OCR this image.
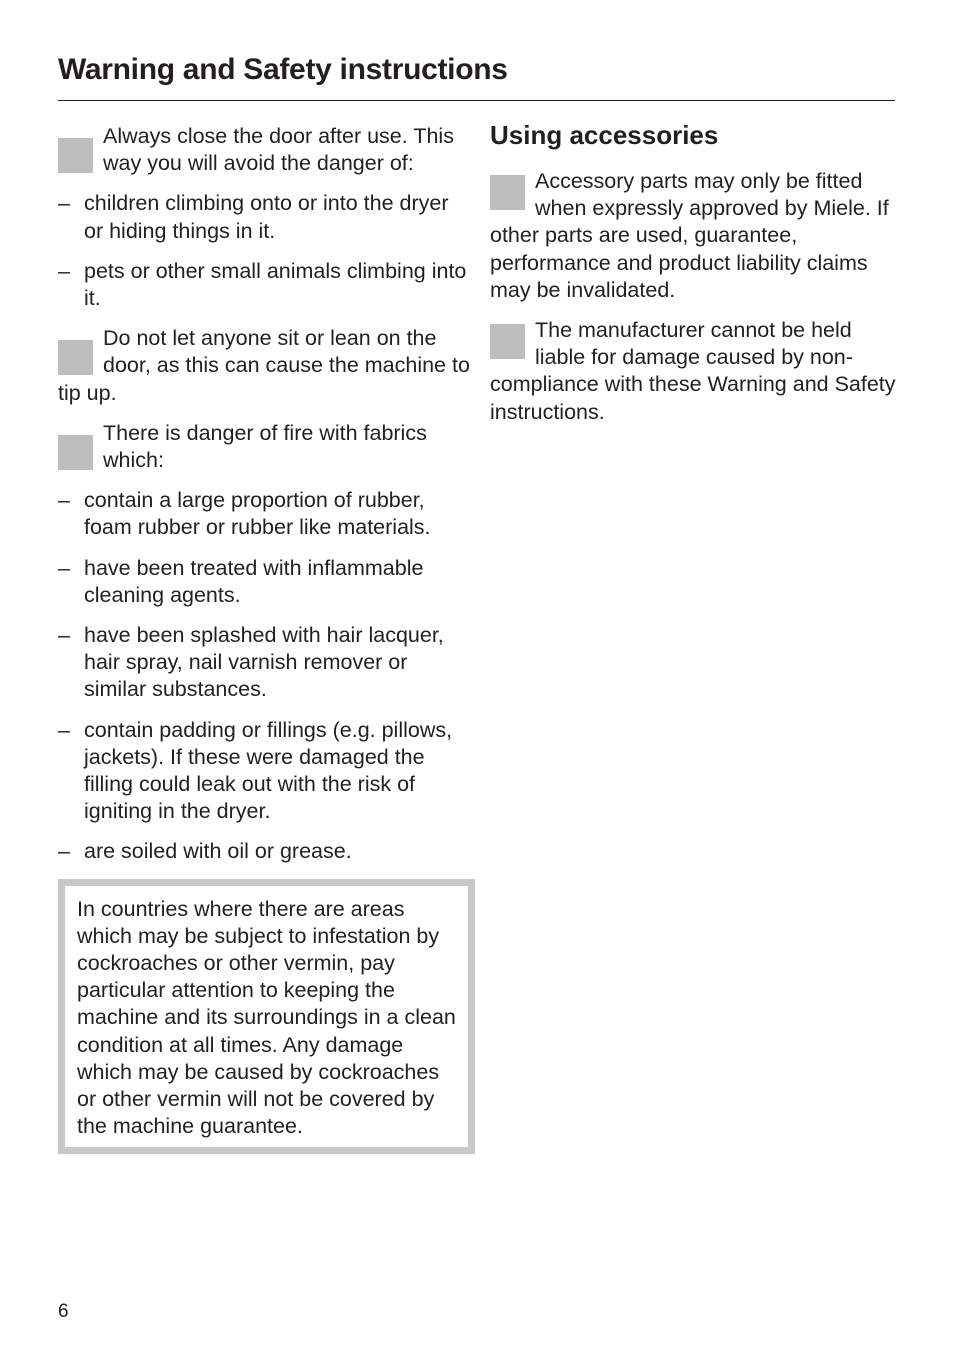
Warning and Safety instructions

Always close the door after use. This way you will avoid the danger of:

– children climbing onto or into the dryer or hiding things in it.
– pets or other small animals climbing into it.

Do not let anyone sit or lean on the door, as this can cause the machine to tip up.

There is danger of fire with fabrics which:

– contain a large proportion of rubber, foam rubber or rubber like materials.
– have been treated with inflammable cleaning agents.
– have been splashed with hair lacquer, hair spray, nail varnish remover or similar substances.
– contain padding or fillings (e.g. pillows, jackets). If these were damaged the filling could leak out with the risk of igniting in the dryer.
– are soiled with oil or grease.
In countries where there are areas which may be subject to infestation by cockroaches or other vermin, pay particular attention to keeping the machine and its surroundings in a clean condition at all times. Any damage which may be caused by cockroaches or other vermin will not be covered by the machine guarantee.
Using accessories

Accessory parts may only be fitted when expressly approved by Miele. If other parts are used, guarantee, performance and product liability claims may be invalidated.

The manufacturer cannot be held liable for damage caused by non-compliance with these Warning and Safety instructions.

6
